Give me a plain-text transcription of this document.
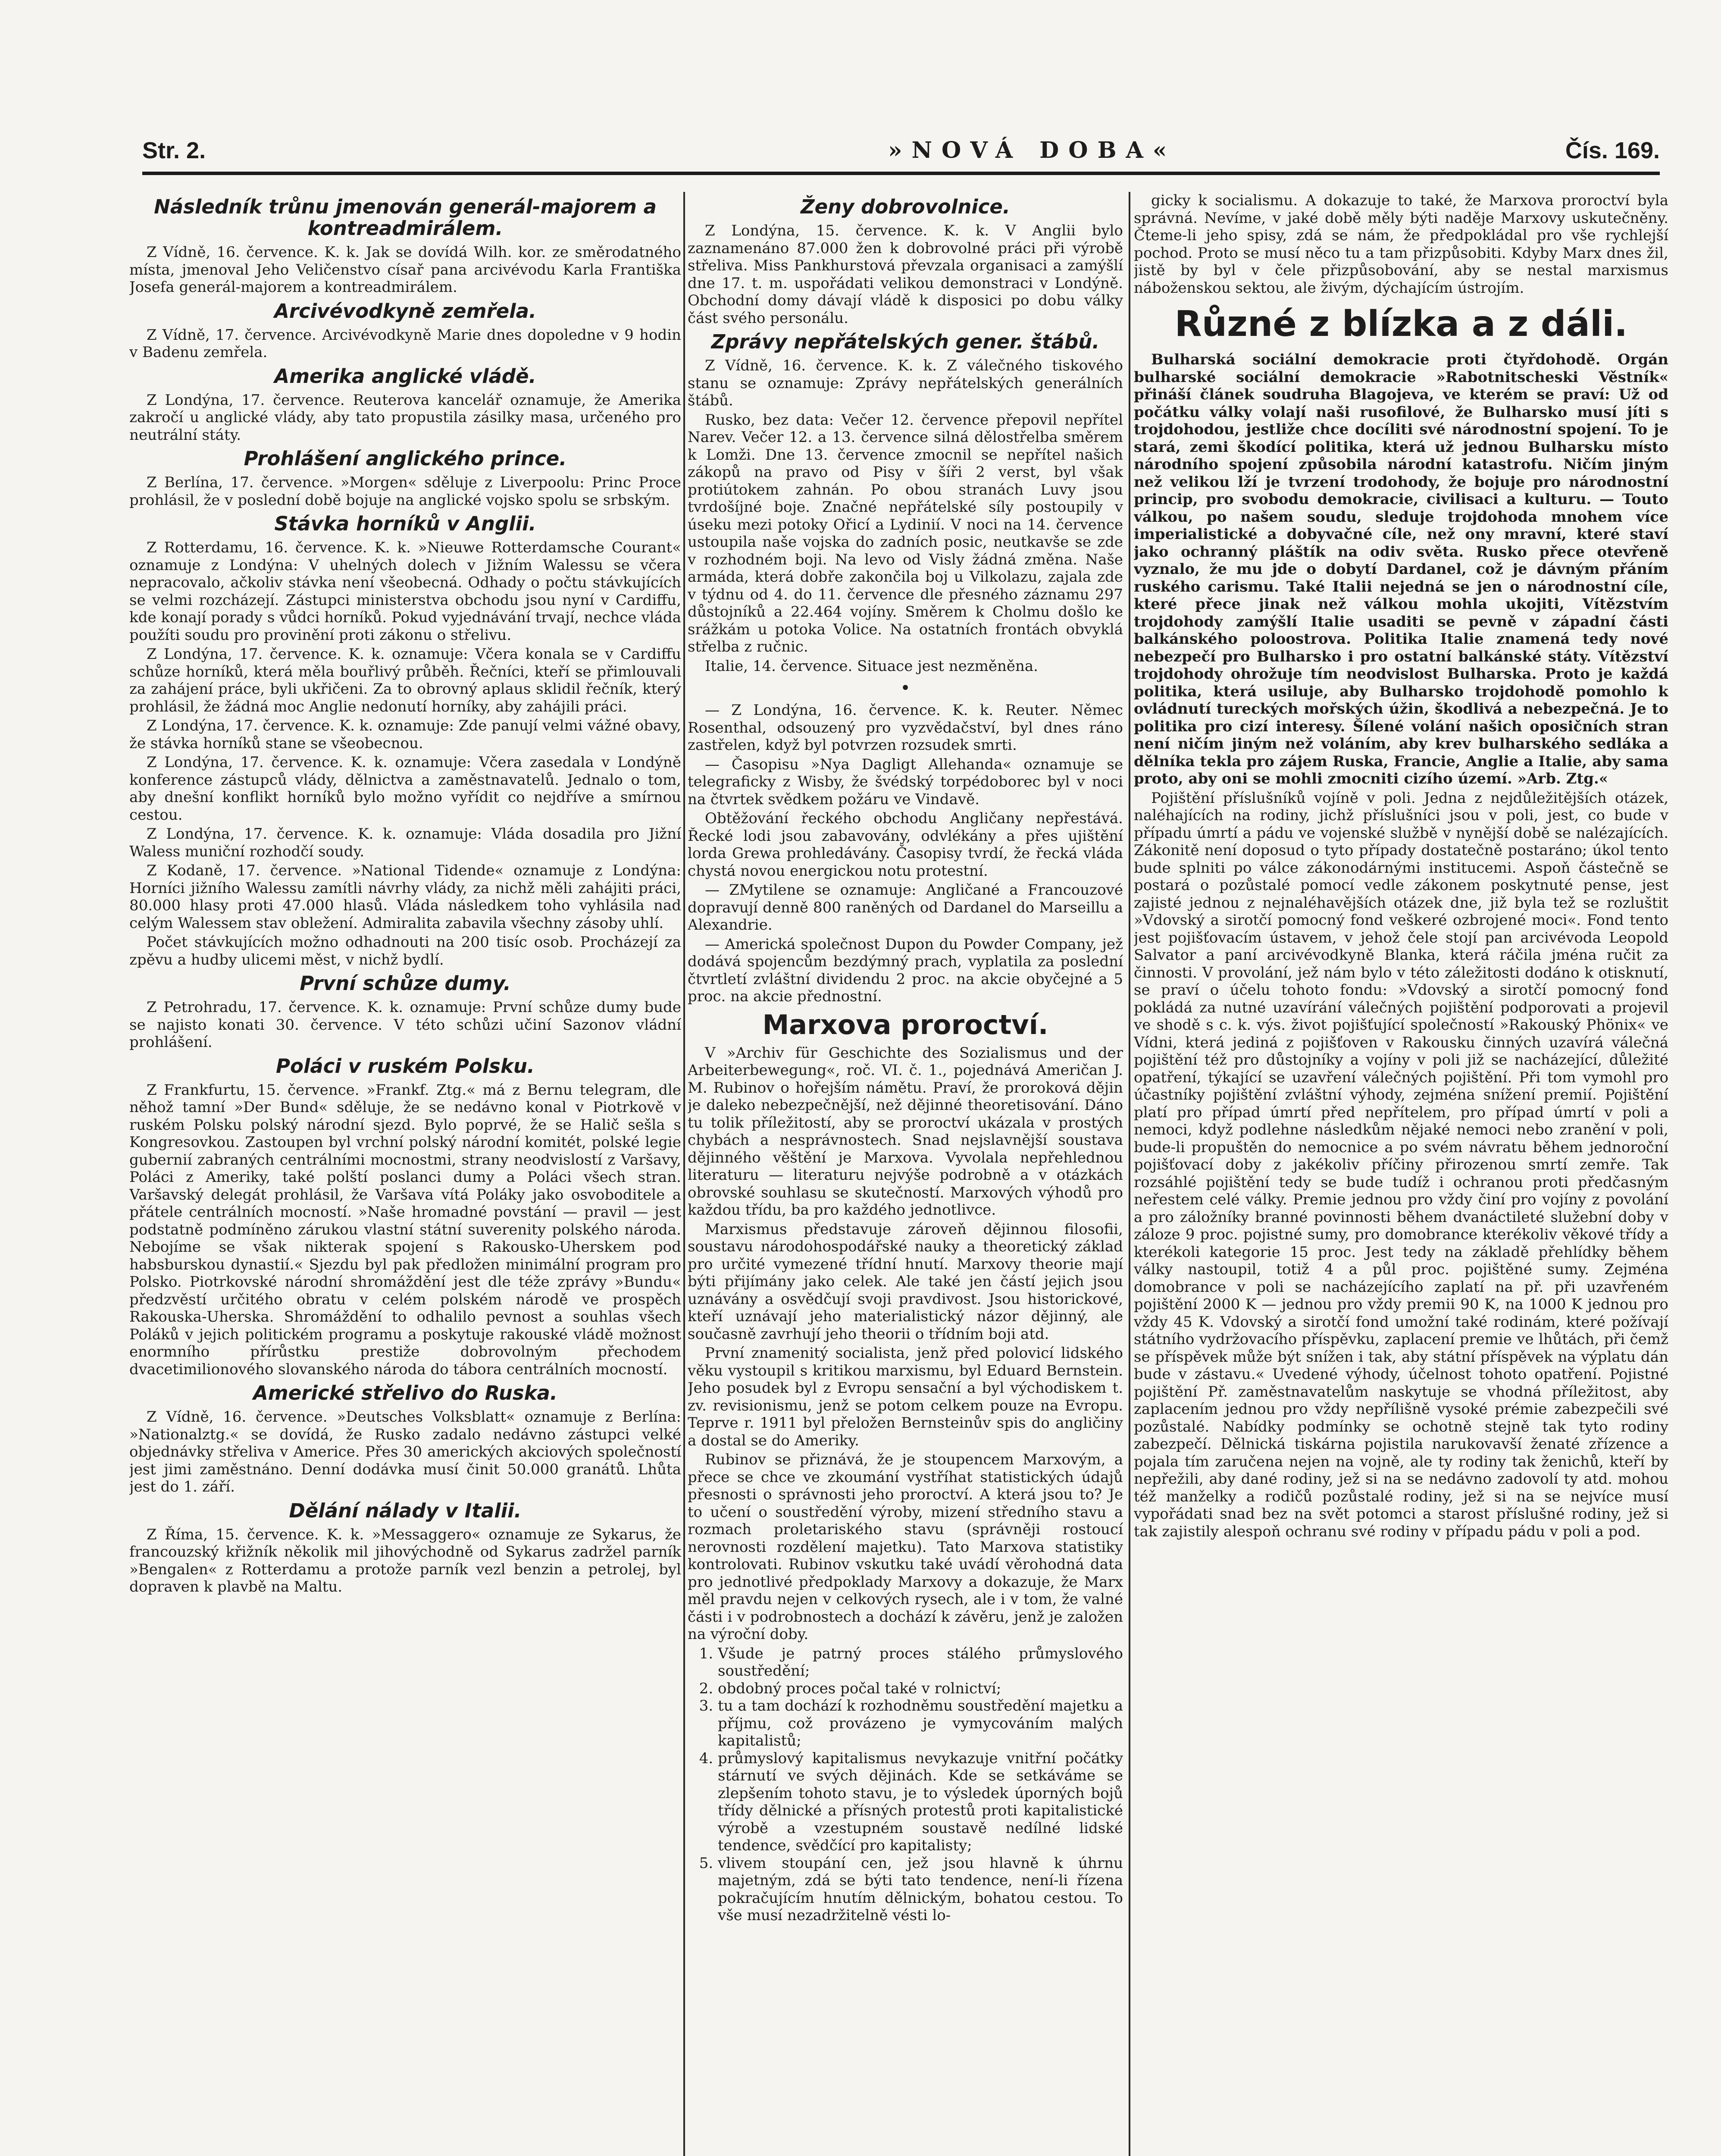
Str. 2.	»NOVÁ DOBA«	Čís. 169.
Následník trůnu jmenován generál-majorem a kontreadmirálem.

Z Vídně, 16. července. K. k. Jak se dovídá Wilh. kor. ze směrodatného místa, jmenoval Jeho Veličenstvo císař pana arcivévodu Karla Františka Josefa generál-majorem a kontreadmirálem.

Arcivévodkyně zemřela.

Z Vídně, 17. července. Arcivévodkyně Marie dnes dopoledne v 9 hodin v Badenu zemřela.

Amerika anglické vládě.

Z Londýna, 17. července. Reuterova kancelář oznamuje, že Amerika zakročí u anglické vlády, aby tato propustila zásilky masa, určeného pro neutrální státy.

Prohlášení anglického prince.

Z Berlína, 17. července. »Morgen« sděluje z Liverpoolu: Princ Proce prohlásil, že v poslední době bojuje na anglické vojsko spolu se srbským.

Stávka horníků v Anglii.

Z Rotterdamu, 16. července. K. k. »Nieuwe Rotterdamsche Courant« oznamuje z Londýna: V uhelných dolech v Jižním Walessu se včera nepracovalo, ačkoliv stávka není všeobecná. Odhady o počtu stávkujících se velmi rozcházejí. Zástupci ministerstva obchodu jsou nyní v Cardiffu, kde konají porady s vůdci horníků. Pokud vyjednávání trvají, nechce vláda použíti soudu pro provinění proti zákonu o střelivu.

Z Londýna, 17. července. K. k. oznamuje: Včera konala se v Cardiffu schůze horníků, která měla bouřlivý průběh. Řečníci, kteří se přimlouvali za zahájení práce, byli ukřičeni. Za to obrovný aplaus sklidil řečník, který prohlásil, že žádná moc Anglie nedonutí horníky, aby zahájili práci.

Z Londýna, 17. července. K. k. oznamuje: Zde panují velmi vážné obavy, že stávka horníků stane se všeobecnou.

Z Londýna, 17. července. K. k. oznamuje: Včera zasedala v Londýně konference zástupců vlády, dělnictva a zaměstnavatelů. Jednalo o tom, aby dnešní konflikt horníků bylo možno vyřídit co nejdříve a smírnou cestou.

Z Londýna, 17. července. K. k. oznamuje: Vláda dosadila pro Jižní Waless muniční rozhodčí soudy.

Z Kodaně, 17. července. »National Tidende« oznamuje z Londýna: Horníci jižního Walessu zamítli návrhy vlády, za nichž měli zahájiti práci, 80.000 hlasy proti 47.000 hlasů. Vláda následkem toho vyhlásila nad celým Walessem stav obležení. Admiralita zabavila všechny zásoby uhlí.

Počet stávkujících možno odhadnouti na 200 tisíc osob. Procházejí za zpěvu a hudby ulicemi měst, v nichž bydlí.

První schůze dumy.

Z Petrohradu, 17. července. K. k. oznamuje: První schůze dumy bude se najisto konati 30. července. V této schůzi učiní Sazonov vládní prohlášení.

Poláci v ruském Polsku.

Z Frankfurtu, 15. července. »Frankf. Ztg.« má z Bernu telegram, dle něhož tamní »Der Bund« sděluje, že se nedávno konal v Piotrkově v ruském Polsku polský národní sjezd. Bylo poprvé, že se Halič sešla s Kongresovkou. Zastoupen byl vrchní polský národní komitét, polské legie gubernií zabraných centrálními mocnostmi, strany neodvislostí z Varšavy, Poláci z Ameriky, také polští poslanci dumy a Poláci všech stran. Varšavský delegát prohlásil, že Varšava vítá Poláky jako osvoboditele a přátele centrálních mocností. »Naše hromadné povstání — pravil — jest podstatně podmíněno zárukou vlastní státní suverenity polského národa. Nebojíme se však nikterak spojení s Rakousko-Uherskem pod habsburskou dynastií.« Sjezdu byl pak předložen minimální program pro Polsko. Piotrkovské národní shromáždění jest dle téže zprávy »Bundu« předzvěstí určitého obratu v celém polském národě ve prospěch Rakouska-Uherska. Shromáždění to odhalilo pevnost a souhlas všech Poláků v jejich politickém programu a poskytuje rakouské vládě možnost enormního přírůstku prestiže dobrovolným přechodem dvacetimilionového slovanského národa do tábora centrálních mocností.

Americké střelivo do Ruska.

Z Vídně, 16. července. »Deutsches Volksblatt« oznamuje z Berlína: »Nationalztg.« se dovídá, že Rusko zadalo nedávno zástupci velké objednávky střeliva v Americe. Přes 30 amerických akciových společností jest jimi zaměstnáno. Denní dodávka musí činit 50.000 granátů. Lhůta jest do 1. září.

Dělání nálady v Italii.

Z Říma, 15. července. K. k. »Messaggero« oznamuje ze Sykarus, že francouzský křižník několik mil jihovýchodně od Sykarus zadržel parník »Bengalen« z Rotterdamu a protože parník vezl benzin a petrolej, byl dopraven k plavbě na Maltu.

Ženy dobrovolnice.

Z Londýna, 15. července. K. k. V Anglii bylo zaznamenáno 87.000 žen k dobrovolné práci při výrobě střeliva. Miss Pankhurstová převzala organisaci a zamýšlí dne 17. t. m. uspořádati velikou demonstraci v Londýně. Obchodní domy dávají vládě k disposici po dobu války část svého personálu.

Zprávy nepřátelských gener. štábů.

Z Vídně, 16. července. K. k. Z válečného tiskového stanu se oznamuje: Zprávy nepřátelských generálních štábů.

Rusko, bez data: Večer 12. července přepovil nepřítel Narev. Večer 12. a 13. července silná dělostřelba směrem k Lomži. Dne 13. července zmocnil se nepřítel našich zákopů na pravo od Pisy v šíři 2 verst, byl však protiútokem zahnán. Po obou stranách Luvy jsou tvrdošíjné boje. Značné nepřátelské síly postoupily v úseku mezi potoky Ořicí a Lydinií. V noci na 14. července ustoupila naše vojska do zadních posic, neutkavše se zde v rozhodném boji. Na levo od Visly žádná změna. Naše armáda, která dobře zakončila boj u Vilkolazu, zajala zde v týdnu od 4. do 11. července dle přesného záznamu 297 důstojníků a 22.464 vojíny. Směrem k Cholmu došlo ke srážkám u potoka Volice. Na ostatních frontách obvyklá střelba z ručnic.

Italie, 14. července. Situace jest nezměněna.

•

— Z Londýna, 16. července. K. k. Reuter. Němec Rosenthal, odsouzený pro vyzvědačství, byl dnes ráno zastřelen, když byl potvrzen rozsudek smrti.

— Časopisu »Nya Dagligt Allehanda« oznamuje se telegraficky z Wisby, že švédský torpédoborec byl v noci na čtvrtek svědkem požáru ve Vindavě.

Obtěžování řeckého obchodu Angličany nepřestává. Řecké lodi jsou zabavovány, odvlékány a přes ujištění lorda Grewa prohledávány. Časopisy tvrdí, že řecká vláda chystá novou energickou notu protestní.

— ZMytilene se oznamuje: Angličané a Francouzové dopravují denně 800 raněných od Dardanel do Marseillu a Alexandrie.

— Americká společnost Dupon du Powder Company, jež dodává spojencům bezdýmný prach, vyplatila za poslední čtvrtletí zvláštní dividendu 2 proc. na akcie obyčejné a 5 proc. na akcie přednostní.

Marxova proroctví.

V »Archiv für Geschichte des Sozialismus und der Arbeiterbewegung«, roč. VI. č. 1., pojednává Američan J. M. Rubinov o hořejším námětu. Praví, že proroková dějin je daleko nebezpečnější, než dějinné theoretisování. Dáno tu tolik příležitostí, aby se proroctví ukázala v prostých chybách a nesprávnostech. Snad nejslavnější soustava dějinného věštění je Marxova. Vyvolala nepřehlednou literaturu — literaturu nejvýše podrobně a v otázkách obrovské souhlasu se skutečností. Marxových výhodů pro každou třídu, ba pro každého jednotlivce.

Marxismus představuje zároveň dějinnou filosofii, soustavu národohospodářské nauky a theoretický základ pro určité vymezené třídní hnutí. Marxovy theorie mají býti přijímány jako celek. Ale také jen částí jejich jsou uznávány a osvědčují svoji pravdivost. Jsou historickové, kteří uznávají jeho materialistický názor dějinný, ale současně zavrhují jeho theorii o třídním boji atd.

První znamenitý socialista, jenž před polovicí lidského věku vystoupil s kritikou marxismu, byl Eduard Bernstein. Jeho posudek byl z Evropu sensační a byl východiskem t. zv. revisionismu, jenž se potom celkem pouze na Evropu. Teprve r. 1911 byl přeložen Bernsteinův spis do angličiny a dostal se do Ameriky.

Rubinov se přiznává, že je stoupencem Marxovým, a přece se chce ve zkoumání vystříhat statistických údajů přesnosti o správnosti jeho proroctví. A která jsou to? Je to učení o soustředění výroby, mizení středního stavu a rozmach proletariského stavu (správněji rostoucí nerovnosti rozdělení majetku). Tato Marxova statistiky kontrolovati. Rubinov vskutku také uvádí věrohodná data pro jednotlivé předpoklady Marxovy a dokazuje, že Marx měl pravdu nejen v celkových rysech, ale i v tom, že valné části i v podrobnostech a dochází k závěru, jenž je založen na výroční doby.

1. Všude je patrný proces stálého průmyslového soustředění;
2. obdobný proces počal také v rolnictví;
3. tu a tam dochází k rozhodněmu soustředění majetku a příjmu, což provázeno je vymycováním malých kapitalistů;
4. průmyslový kapitalismus nevykazuje vnitřní počátky stárnutí ve svých dějinách. Kde se setkáváme se zlepšením tohoto stavu, je to výsledek úporných bojů třídy dělnické a přísných protestů proti kapitalistické výrobě a vzestupném soustavě nedílné lidské tendence, svědčící pro kapitalisty;
5. vlivem stoupání cen, jež jsou hlavně k úhrnu majetným, zdá se býti tato tendence, není-li řízena pokračujícím hnutím dělnickým, bohatou cestou. To vše musí nezadržitelně vésti lo-

gicky k socialismu. A dokazuje to také, že Marxova proroctví byla správná. Nevíme, v jaké době měly býti naděje Marxovy uskutečněny. Čteme-li jeho spisy, zdá se nám, že předpokládal pro vše rychlejší pochod. Proto se musí něco tu a tam přizpůsobiti. Kdyby Marx dnes žil, jistě by byl v čele přizpůsobování, aby se nestal marxismus náboženskou sektou, ale živým, dýchajícím ústrojím.

Různé z blízka a z dáli.

Bulharská sociální demokracie proti čtyřdohodě. Orgán bulharské sociální demokracie »Rabotnitscheski Věstník« přináší článek soudruha Blagojeva, ve kterém se praví: Už od počátku války volají naši rusofilové, že Bulharsko musí jíti s trojdohodou, jestliže chce docíliti své národnostní spojení. To je stará, zemi škodící politika, která už jednou Bulharsku místo národního spojení způsobila národní katastrofu. Ničím jiným než velikou lží je tvrzení trodohody, že bojuje pro národnostní princip, pro svobodu demokracie, civilisaci a kulturu. — Touto válkou, po našem soudu, sleduje trojdohoda mnohem více imperialistické a dobyvačné cíle, než ony mravní, které staví jako ochranný pláštík na odiv světa. Rusko přece otevřeně vyznalo, že mu jde o dobytí Dardanel, což je dávným přáním ruského carismu. Také Italii nejedná se jen o národnostní cíle, které přece jinak než válkou mohla ukojiti, Vítězstvím trojdohody zamýšlí Italie usaditi se pevně v západní části balkánského poloostrova. Politika Italie znamená tedy nové nebezpečí pro Bulharsko i pro ostatní balkánské státy. Vítězství trojdohody ohrožuje tím neodvislost Bulharska. Proto je každá politika, která usiluje, aby Bulharsko trojdohodě pomohlo k ovládnutí tureckých mořských úžin, škodlivá a nebezpečná. Je to politika pro cizí interesy. Šílené volání našich oposičních stran není ničím jiným než voláním, aby krev bulharského sedláka a dělníka tekla pro zájem Ruska, Francie, Anglie a Italie, aby sama proto, aby oni se mohli zmocniti cizího území. »Arb. Ztg.«

Pojištění příslušníků vojíně v poli. Jedna z nejdůležitějších otázek, naléhajících na rodiny, jichž příslušníci jsou v poli, jest, co bude v případu úmrtí a pádu ve vojenské službě v nynější době se nalézajících. Zákonitě není doposud o tyto případy dostatečně postaráno; úkol tento bude splniti po válce zákonodárnými institucemi. Aspoň částečně se postará o pozůstalé pomocí vedle zákonem poskytnuté pense, jest zajisté jednou z nejnaléhavějších otázek dne, již byla tež se rozluštit »Vdovský a sirotčí pomocný fond veškeré ozbrojené moci«. Fond tento jest pojišťovacím ústavem, v jehož čele stojí pan arcivévoda Leopold Salvator a paní arcivévodkyně Blanka, která ráčila jména ručit za činnosti. V provolání, jež nám bylo v této záležitosti dodáno k otisknutí, se praví o účelu tohoto fondu: »Vdovský a sirotčí pomocný fond pokládá za nutné uzavírání válečných pojištění podporovati a projevil ve shodě s c. k. výs. život pojišťující společností »Rakouský Phönix« ve Vídni, která jediná z pojišťoven v Rakousku činných uzavírá válečná pojištění též pro důstojníky a vojíny v poli již se nacházející, důležité opatření, týkající se uzavření válečných pojištění. Při tom vymohl pro účastníky pojištění zvláštní výhody, zejména snížení premií. Pojištění platí pro případ úmrtí před nepřítelem, pro případ úmrtí v poli a nemoci, když podlehne následkům nějaké nemoci nebo zranění v poli, bude-li propuštěn do nemocnice a po svém návratu během jednoroční pojišťovací doby z jakékoliv příčiny přirozenou smrtí zemře. Tak rozsáhlé pojištění tedy se bude tudíž i ochranou proti předčasným neřestem celé války. Premie jednou pro vždy činí pro vojíny z povolání a pro záložníky branné povinnosti během dvanáctileté služební doby v záloze 9 proc. pojistné sumy, pro domobrance kterékoliv věkové třídy a kterékoli kategorie 15 proc. Jest tedy na základě přehlídky během války nastoupil, totiž 4 a půl proc. pojištěné sumy. Zejména domobrance v poli se nacházejícího zaplatí na př. při uzavřeném pojištění 2000 K — jednou pro vždy premii 90 K, na 1000 K jednou pro vždy 45 K. Vdovský a sirotčí fond umožní také rodinám, které požívají státního vydržovacího příspěvku, zaplacení premie ve lhůtách, při čemž se příspěvek může být snížen i tak, aby státní příspěvek na výplatu dán bude v zástavu.« Uvedené výhody, účelnost tohoto opatření. Pojistné pojištění Př. zaměstnavatelům naskytuje se vhodná příležitost, aby zaplacením jednou pro vždy nepřílišně vysoké prémie zabezpečili své pozůstalé. Nabídky podmínky se ochotně stejně tak tyto rodiny zabezpečí. Dělnická tiskárna pojistila narukovavší ženaté zřízence a pojala tím zaručena nejen na vojně, ale ty rodiny tak ženichů, kteří by nepřežili, aby dané rodiny, jež si na se nedávno zadovolí ty atd. mohou též manželky a rodičů pozůstalé rodiny, jež si na se nejvíce musí vypořádati snad bez na svět potomci a starost příslušné rodiny, jež si tak zajistily alespoň ochranu své rodiny v případu pádu v poli a pod.
